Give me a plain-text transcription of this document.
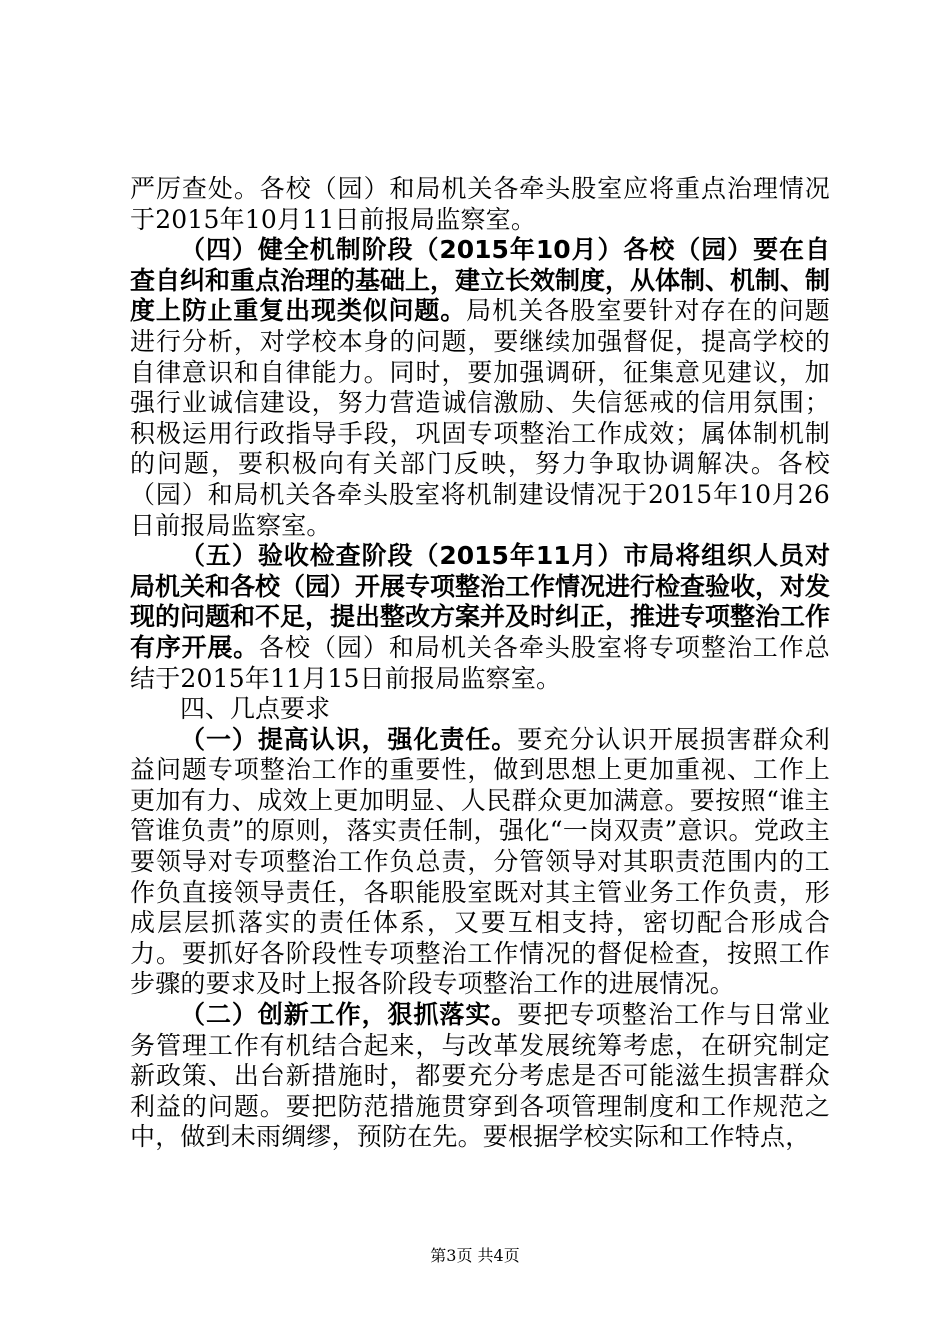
严厉查处。各校（园）和局机关各牵头股室应将重点治理情况于2015年10月11日前报局监察室。

（四）健全机制阶段（2015年10月）各校（园）要在自查自纠和重点治理的基础上，建立长效制度，从体制、机制、制度上防止重复出现类似问题。局机关各股室要针对存在的问题进行分析，对学校本身的问题，要继续加强督促，提高学校的自律意识和自律能力。同时，要加强调研，征集意见建议，加强行业诚信建设，努力营造诚信激励、失信惩戒的信用氛围；积极运用行政指导手段，巩固专项整治工作成效；属体制机制的问题，要积极向有关部门反映，努力争取协调解决。各校（园）和局机关各牵头股室将机制建设情况于2015年10月26日前报局监察室。

（五）验收检查阶段（2015年11月）市局将组织人员对局机关和各校（园）开展专项整治工作情况进行检查验收，对发现的问题和不足，提出整改方案并及时纠正，推进专项整治工作有序开展。各校（园）和局机关各牵头股室将专项整治工作总结于2015年11月15日前报局监察室。

四、几点要求

（一）提高认识，强化责任。要充分认识开展损害群众利益问题专项整治工作的重要性，做到思想上更加重视、工作上更加有力、成效上更加明显、人民群众更加满意。要按照“谁主管谁负责”的原则，落实责任制，强化“一岗双责”意识。党政主要领导对专项整治工作负总责，分管领导对其职责范围内的工作负直接领导责任，各职能股室既对其主管业务工作负责，形成层层抓落实的责任体系，又要互相支持，密切配合形成合力。要抓好各阶段性专项整治工作情况的督促检查，按照工作步骤的要求及时上报各阶段专项整治工作的进展情况。

（二）创新工作，狠抓落实。要把专项整治工作与日常业务管理工作有机结合起来，与改革发展统筹考虑，在研究制定新政策、出台新措施时，都要充分考虑是否可能滋生损害群众利益的问题。要把防范措施贯穿到各项管理制度和工作规范之中，做到未雨绸缪，预防在先。要根据学校实际和工作特点，

第3页 共4页
